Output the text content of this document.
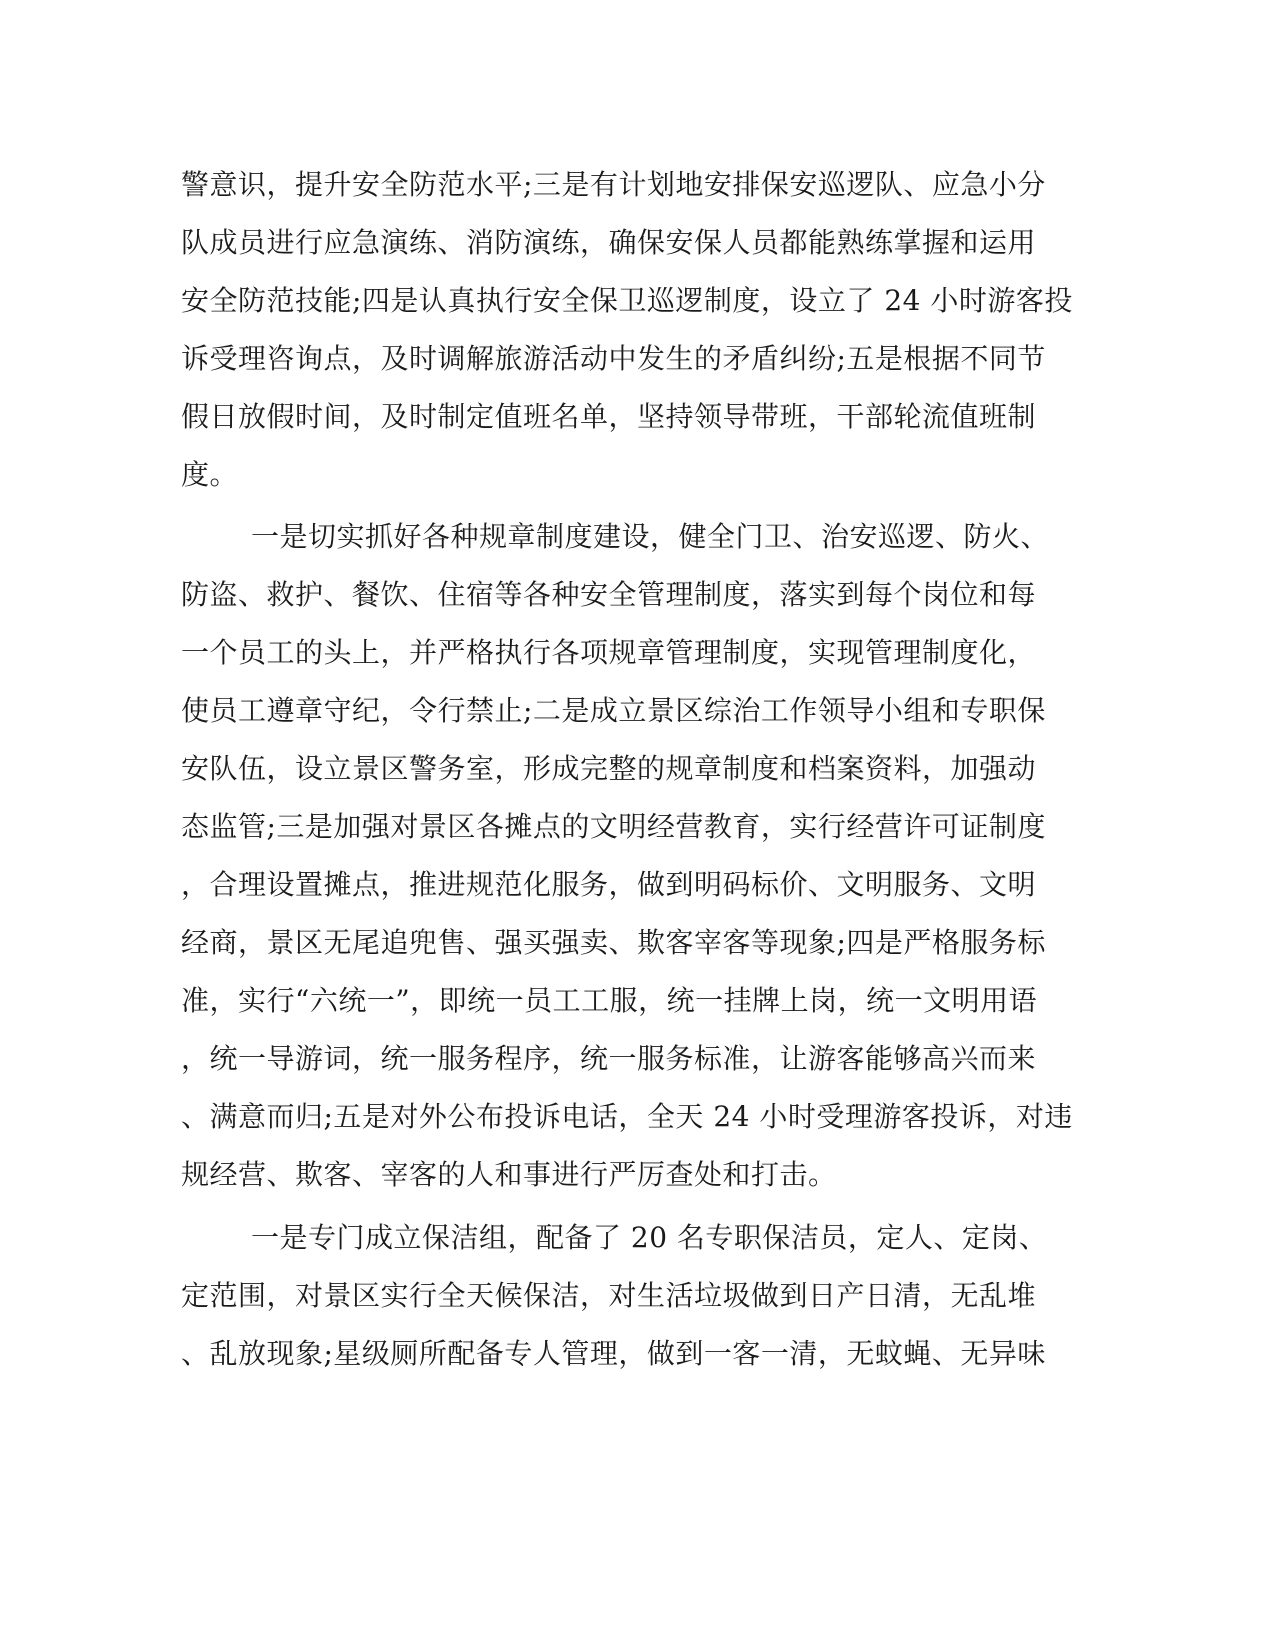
警意识，提升安全防范水平;三是有计划地安排保安巡逻队、应急小分
队成员进行应急演练、消防演练，确保安保人员都能熟练掌握和运用
安全防范技能;四是认真执行安全保卫巡逻制度，设立了 24 小时游客投
诉受理咨询点，及时调解旅游活动中发生的矛盾纠纷;五是根据不同节
假日放假时间，及时制定值班名单，坚持领导带班，干部轮流值班制
度。
一是切实抓好各种规章制度建设，健全门卫、治安巡逻、防火、
防盗、救护、餐饮、住宿等各种安全管理制度，落实到每个岗位和每
一个员工的头上，并严格执行各项规章管理制度，实现管理制度化，
使员工遵章守纪，令行禁止;二是成立景区综治工作领导小组和专职保
安队伍，设立景区警务室，形成完整的规章制度和档案资料，加强动
态监管;三是加强对景区各摊点的文明经营教育，实行经营许可证制度
，合理设置摊点，推进规范化服务，做到明码标价、文明服务、文明
经商，景区无尾追兜售、强买强卖、欺客宰客等现象;四是严格服务标
准，实行“六统一”，即统一员工工服，统一挂牌上岗，统一文明用语
，统一导游词，统一服务程序，统一服务标准，让游客能够高兴而来
、满意而归;五是对外公布投诉电话，全天 24 小时受理游客投诉，对违
规经营、欺客、宰客的人和事进行严厉查处和打击。
一是专门成立保洁组，配备了 20 名专职保洁员，定人、定岗、
定范围，对景区实行全天候保洁，对生活垃圾做到日产日清，无乱堆
、乱放现象;星级厕所配备专人管理，做到一客一清，无蚊蝇、无异味
